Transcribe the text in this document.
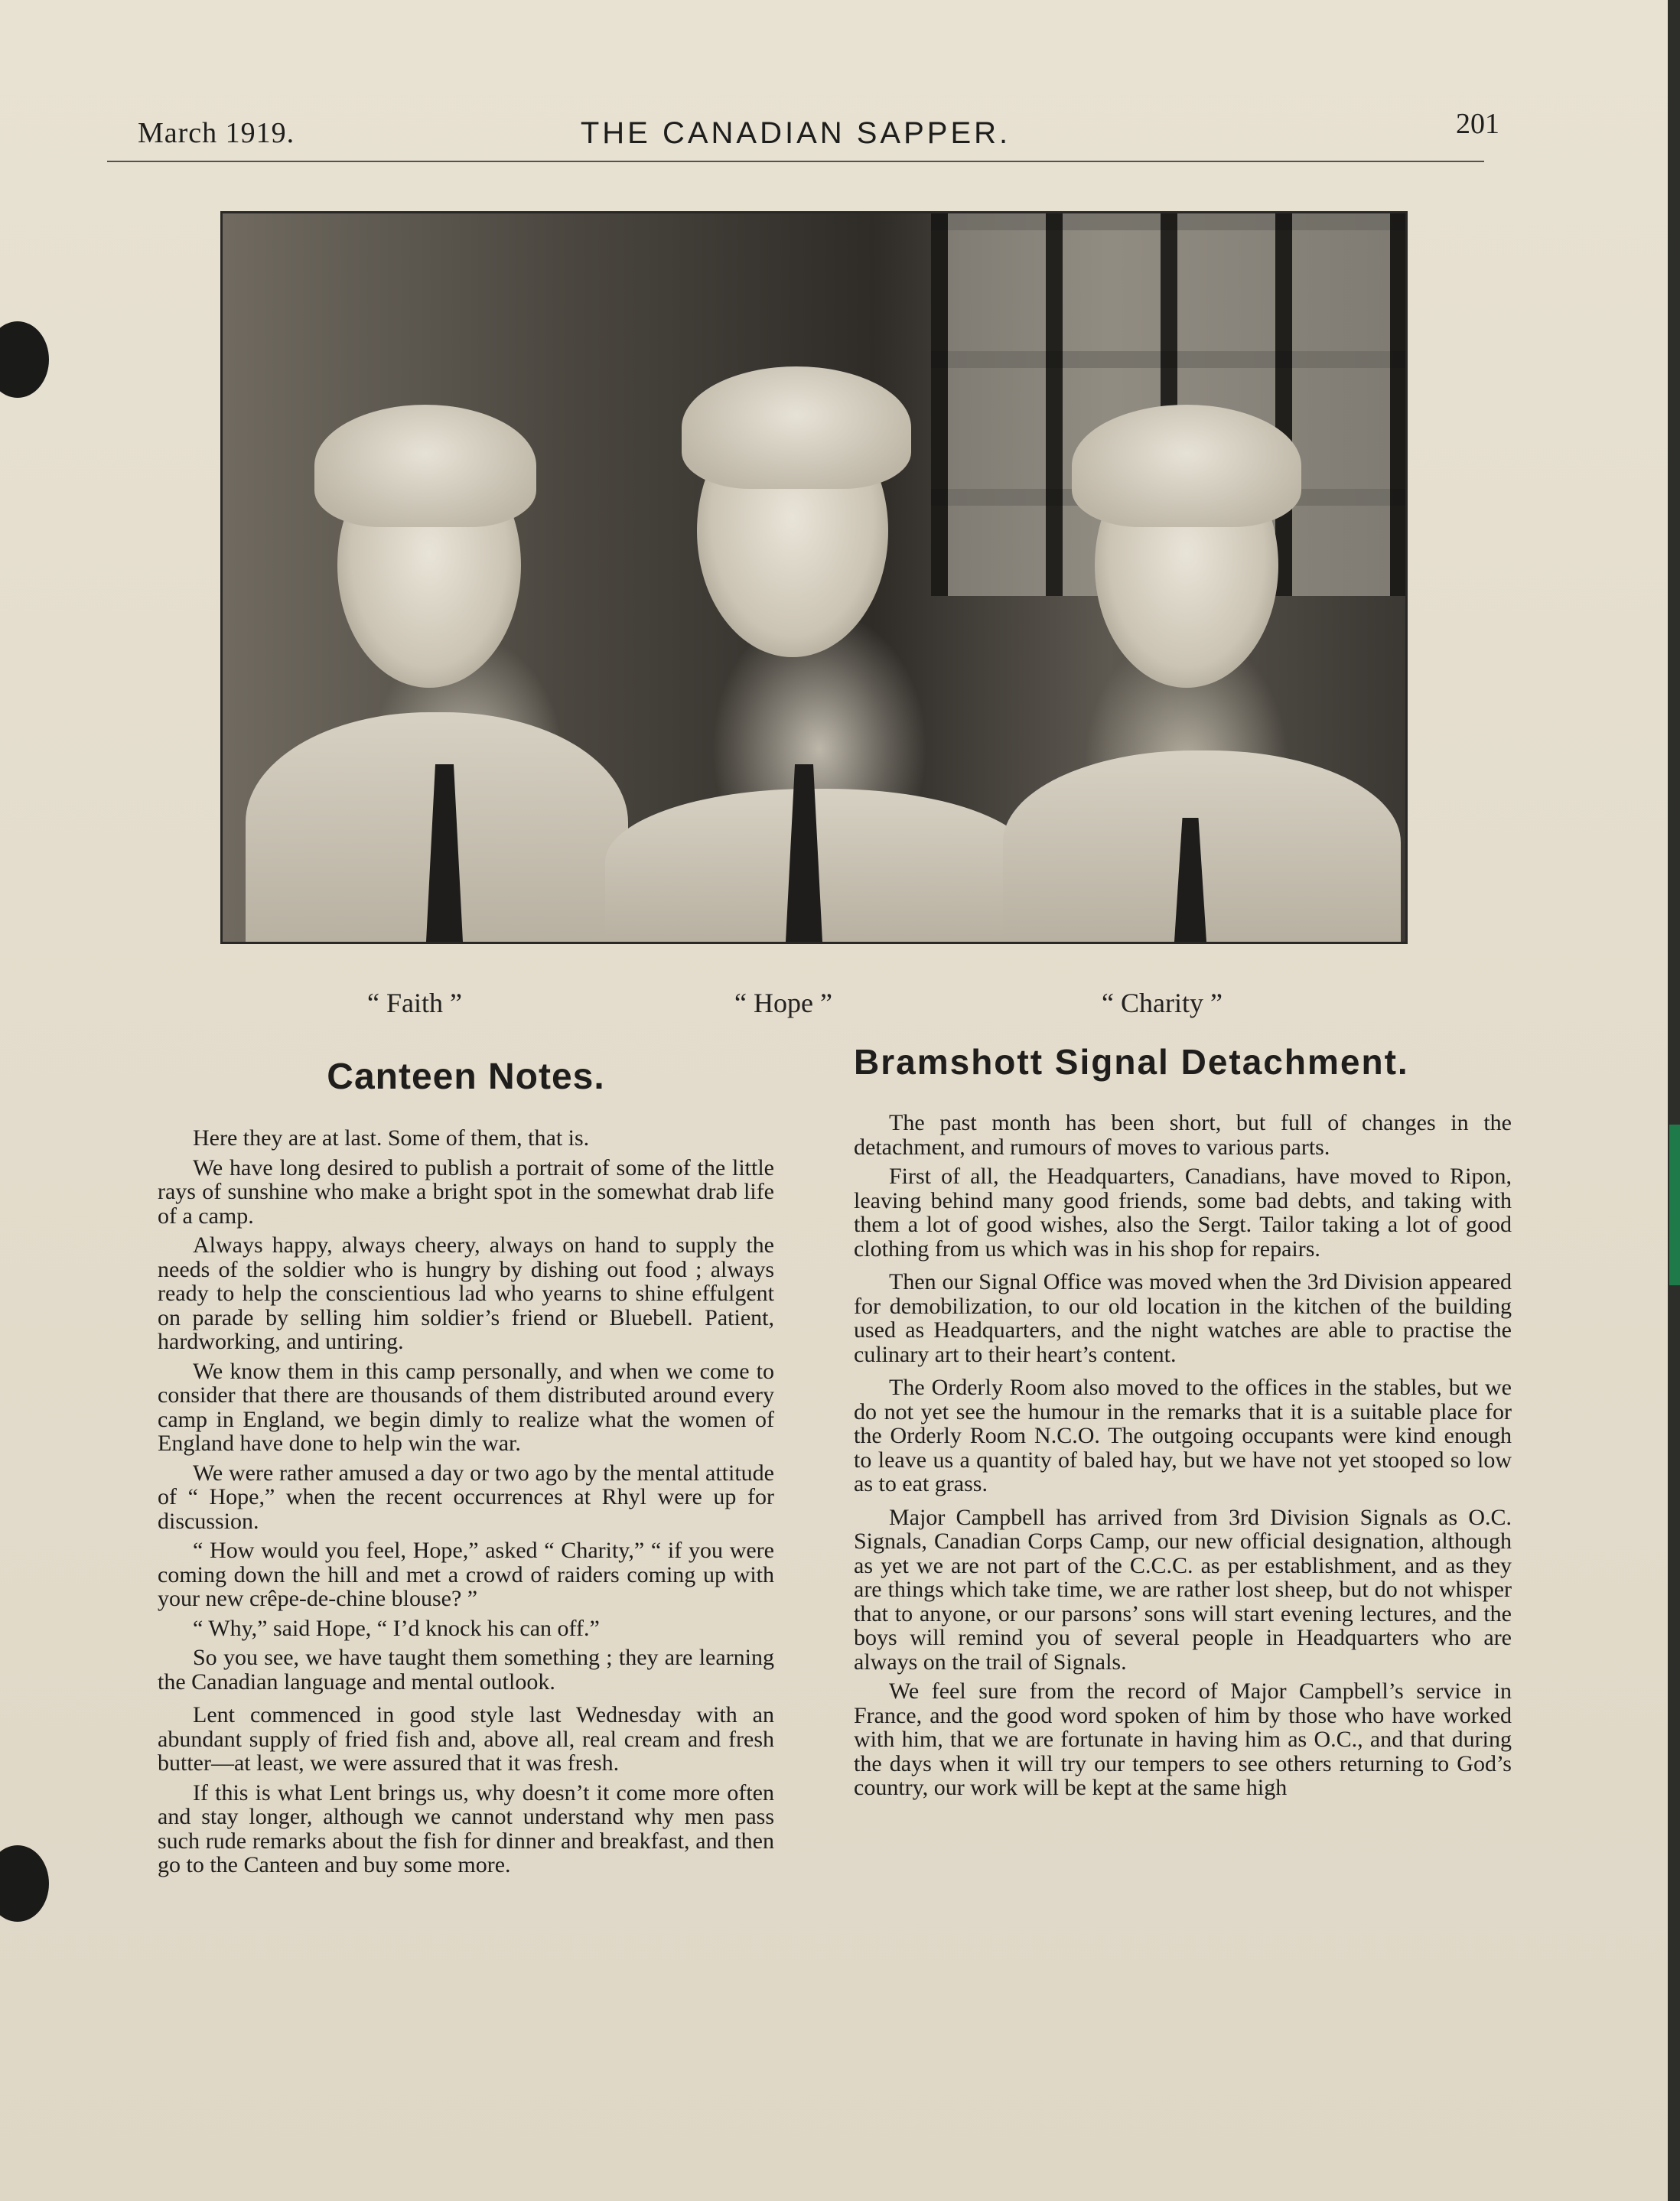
March 1919.	THE CANADIAN SAPPER.	201
“ Faith ”	“ Hope ”	“ Charity ”
Canteen Notes.

Here they are at last. Some of them, that is.

We have long desired to publish a portrait of some of the little rays of sunshine who make a bright spot in the somewhat drab life of a camp.

Always happy, always cheery, always on hand to supply the needs of the soldier who is hungry by dishing out food ; always ready to help the conscientious lad who yearns to shine effulgent on parade by selling him soldier’s friend or Bluebell. Patient, hardworking, and untiring.

We know them in this camp personally, and when we come to consider that there are thousands of them distributed around every camp in England, we begin dimly to realize what the women of England have done to help win the war.

We were rather amused a day or two ago by the mental attitude of “ Hope,” when the recent occurrences at Rhyl were up for discussion.

“ How would you feel, Hope,” asked “ Charity,” “ if you were coming down the hill and met a crowd of raiders coming up with your new crêpe-de-chine blouse? ”

“ Why,” said Hope, “ I’d knock his can off.”

So you see, we have taught them something ; they are learning the Canadian language and mental outlook.

Lent commenced in good style last Wednesday with an abundant supply of fried fish and, above all, real cream and fresh butter—at least, we were assured that it was fresh.

If this is what Lent brings us, why doesn’t it come more often and stay longer, although we cannot understand why men pass such rude remarks about the fish for dinner and breakfast, and then go to the Canteen and buy some more.

Bramshott Signal Detachment.

The past month has been short, but full of changes in the detachment, and rumours of moves to various parts.

First of all, the Headquarters, Canadians, have moved to Ripon, leaving behind many good friends, some bad debts, and taking with them a lot of good wishes, also the Sergt. Tailor taking a lot of good clothing from us which was in his shop for repairs.

Then our Signal Office was moved when the 3rd Division appeared for demobilization, to our old location in the kitchen of the building used as Headquarters, and the night watches are able to practise the culinary art to their heart’s content.

The Orderly Room also moved to the offices in the stables, but we do not yet see the humour in the remarks that it is a suitable place for the Orderly Room N.C.O. The outgoing occupants were kind enough to leave us a quantity of baled hay, but we have not yet stooped so low as to eat grass.

Major Campbell has arrived from 3rd Division Signals as O.C. Signals, Canadian Corps Camp, our new official designation, although as yet we are not part of the C.C.C. as per establishment, and as they are things which take time, we are rather lost sheep, but do not whisper that to anyone, or our parsons’ sons will start evening lectures, and the boys will remind you of several people in Headquarters who are always on the trail of Signals.

We feel sure from the record of Major Campbell’s service in France, and the good word spoken of him by those who have worked with him, that we are fortunate in having him as O.C., and that during the days when it will try our tempers to see others returning to God’s country, our work will be kept at the same high
